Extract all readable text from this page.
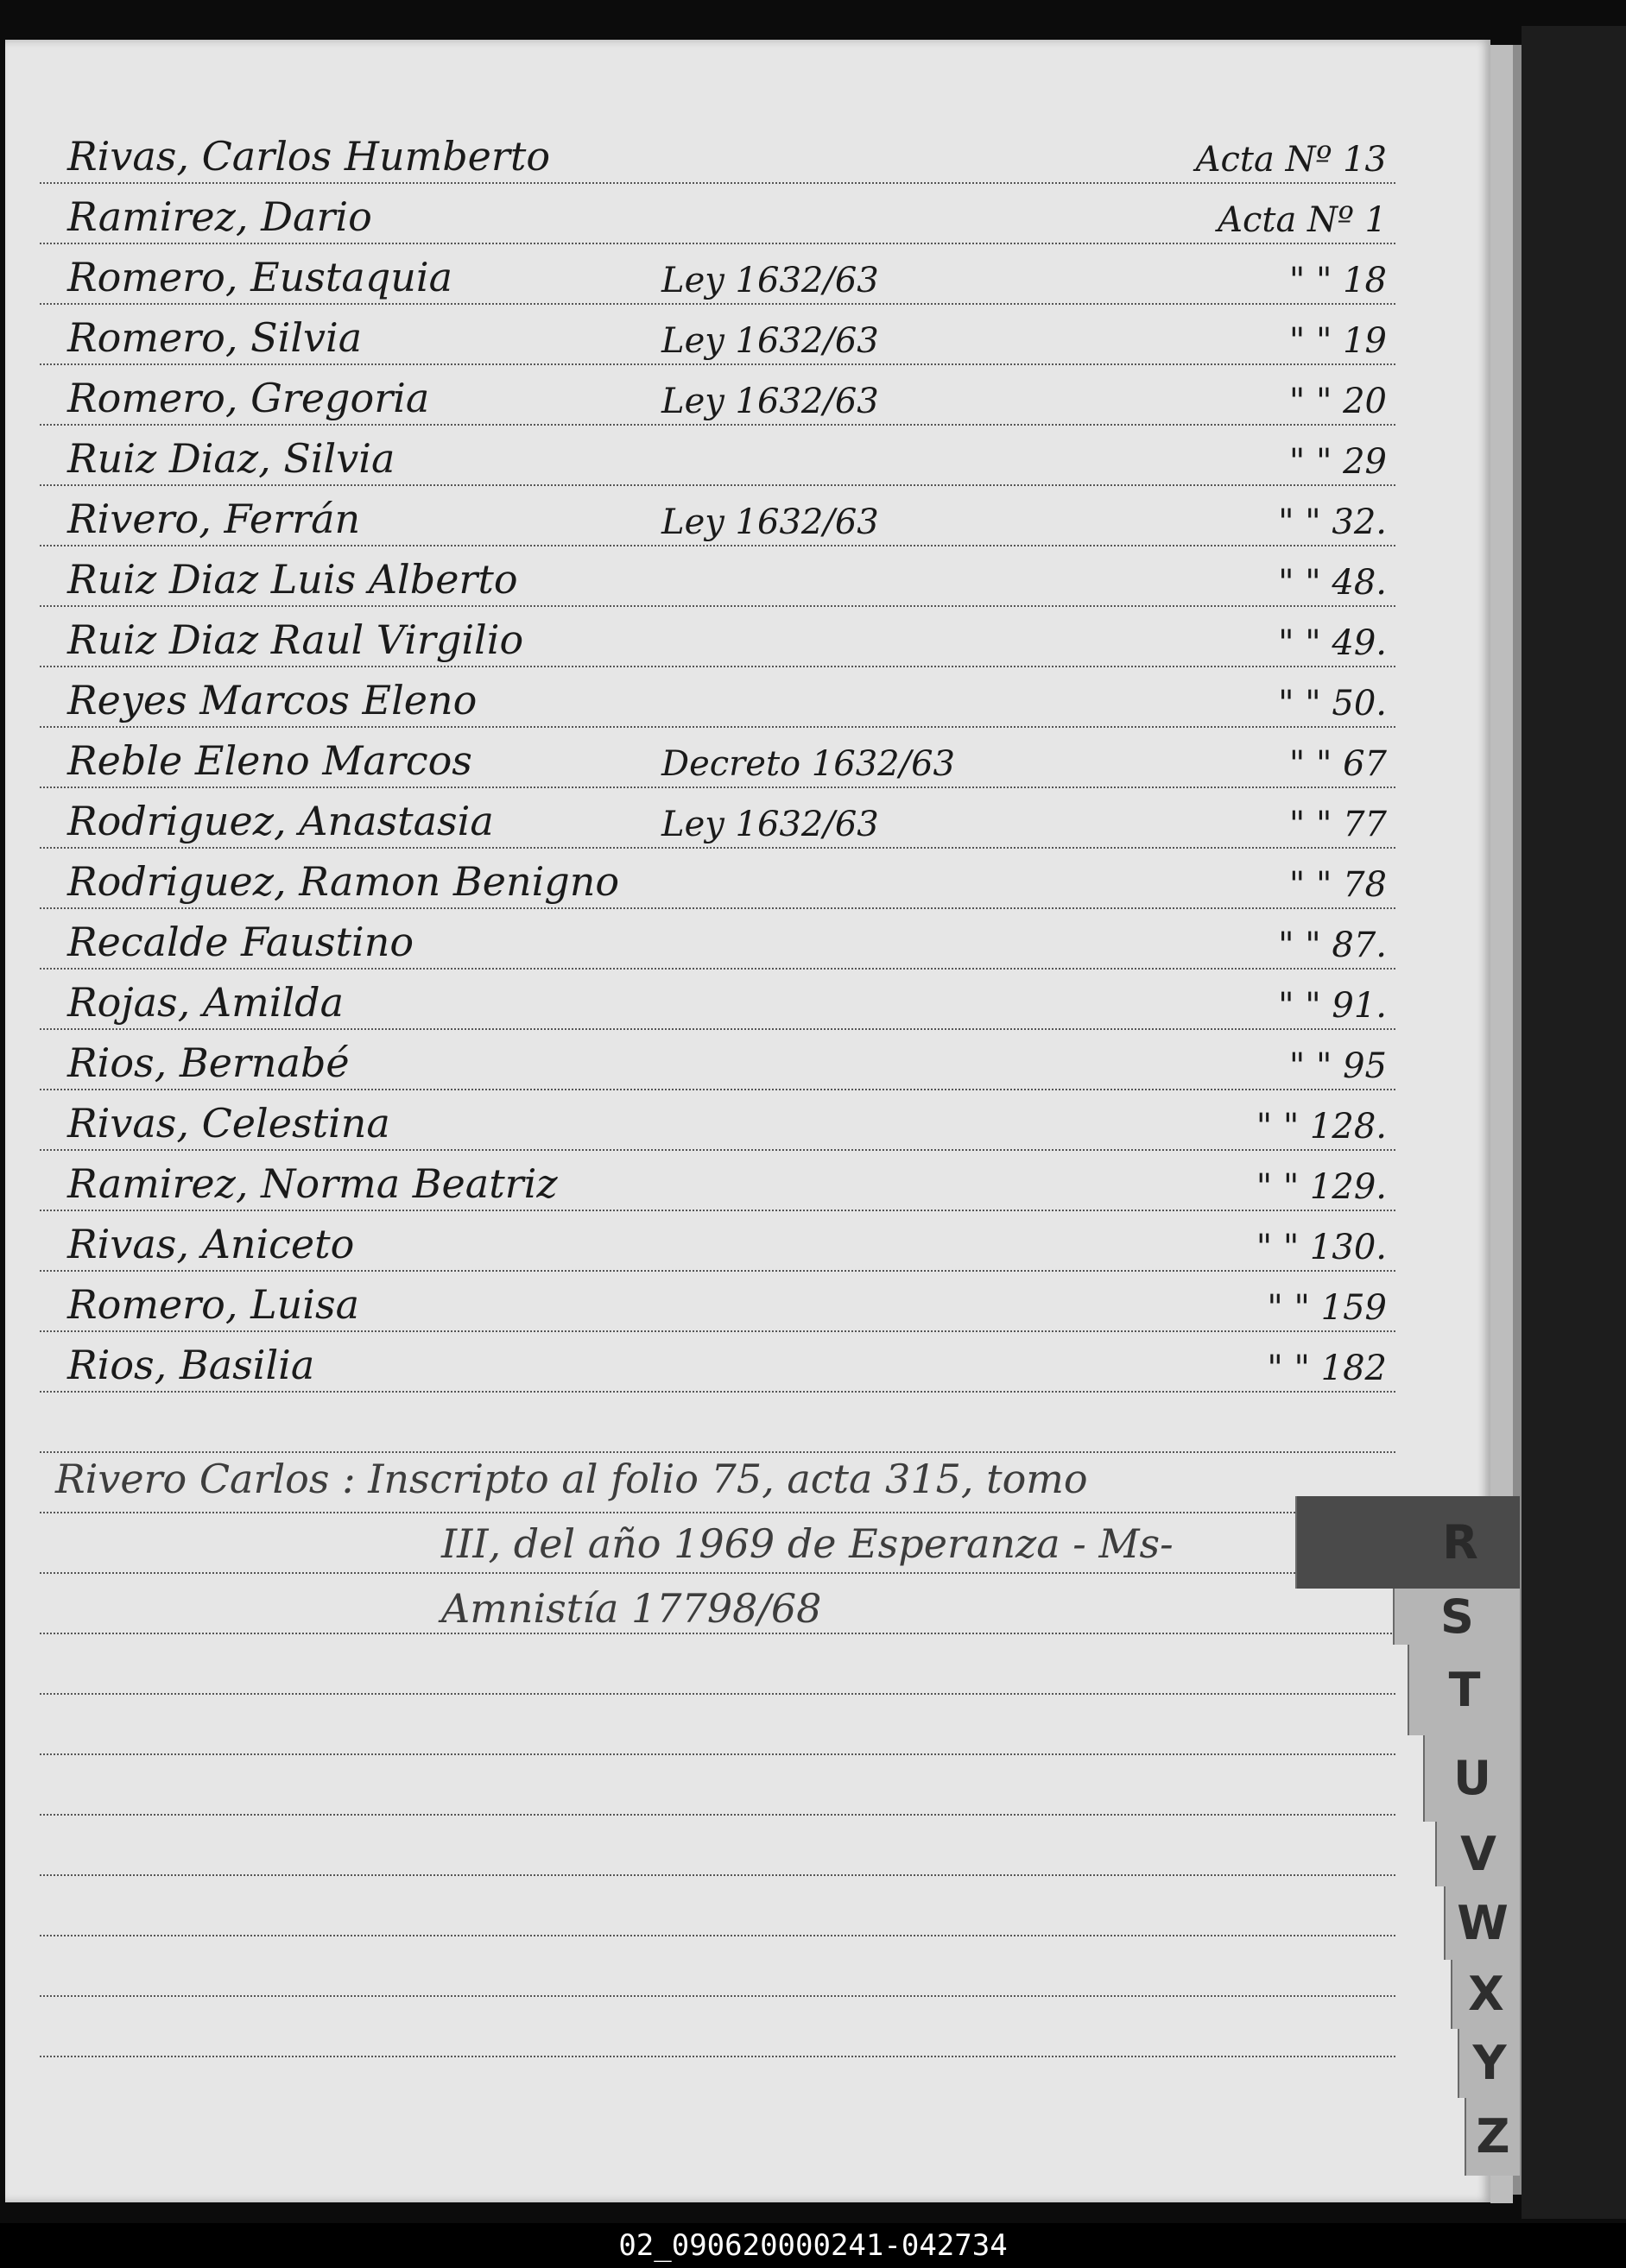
Rivas, Carlos Humberto	Acta Nº 13
Ramirez, Dario	Acta Nº 1
Romero, Eustaquia	Ley 1632/63	" " 18
Romero, Silvia	Ley 1632/63	" " 19
Romero, Gregoria	Ley 1632/63	" " 20
Ruiz Diaz, Silvia	" " 29
Rivero, Ferrán	Ley 1632/63	" " 32.
Ruiz Diaz Luis Alberto	" " 48.
Ruiz Diaz Raul Virgilio	" " 49.
Reyes Marcos Eleno	" " 50.
Reble Eleno Marcos	Decreto 1632/63	" " 67
Rodriguez, Anastasia	Ley 1632/63	" " 77
Rodriguez, Ramon Benigno	" " 78
Recalde Faustino	" " 87.
Rojas, Amilda	" " 91.
Rios, Bernabé	" " 95
Rivas, Celestina	" " 128.
Ramirez, Norma Beatriz	" " 129.
Rivas, Aniceto	" " 130.
Romero, Luisa	" " 159
Rios, Basilia	" " 182
Rivero Carlos : Inscripto al folio 75, acta 315, tomo
III, del año 1969 de Esperanza - Ms-
Amnistía 17798/68
R
S
T
U
V
W
X
Y
Z
02_090620000241-042734
